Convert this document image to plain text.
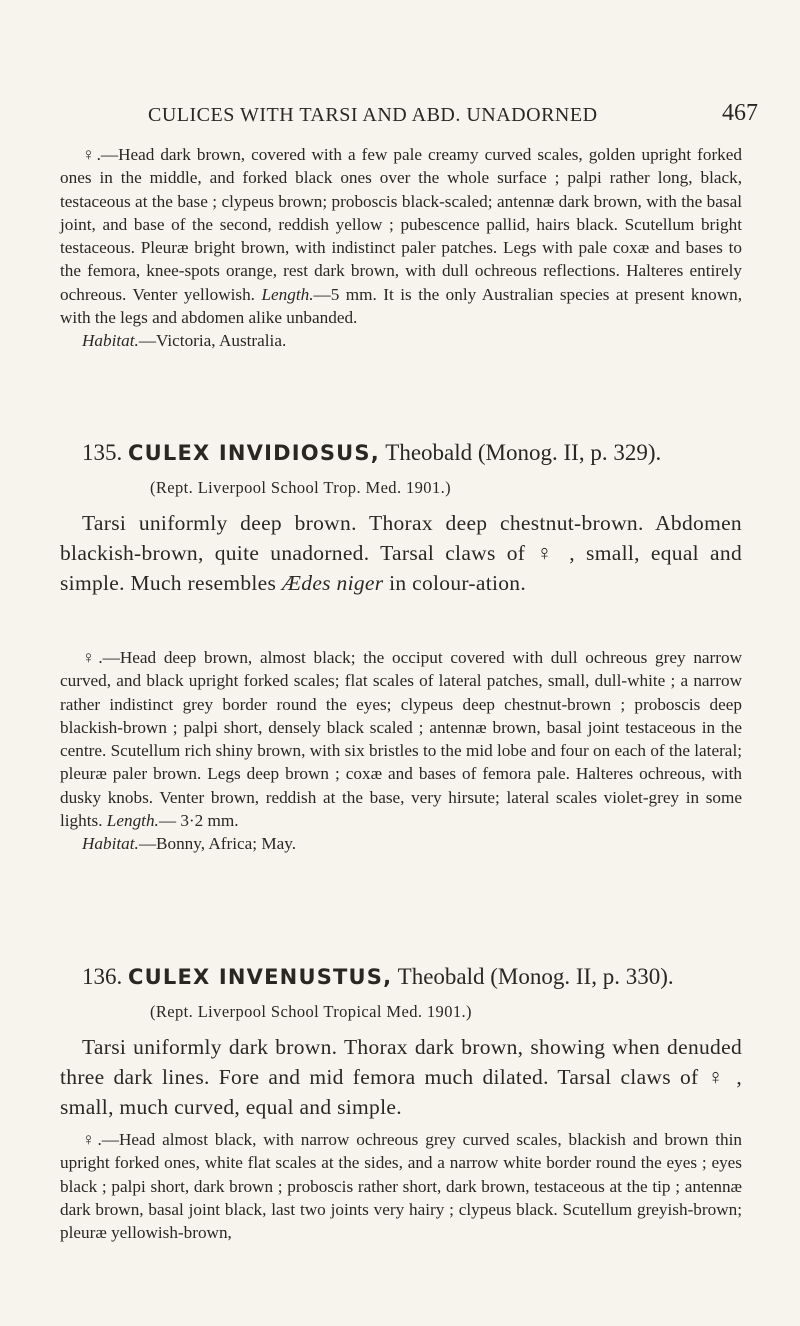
CULICES WITH TARSI AND ABD. UNADORNED	467

♀.—Head dark brown, covered with a few pale creamy curved scales, golden upright forked ones in the middle, and forked black ones over the whole surface ; palpi rather long, black, testaceous at the base ; clypeus brown; proboscis black-scaled; antennæ dark brown, with the basal joint, and base of the second, reddish yellow ; pubescence pallid, hairs black. Scutellum bright testaceous. Pleuræ bright brown, with indistinct paler patches. Legs with pale coxæ and bases to the femora, knee-spots orange, rest dark brown, with dull ochreous reflections. Halteres entirely ochreous. Venter yellowish. Length.—5 mm. It is the only Australian species at present known, with the legs and abdomen alike unbanded.

Habitat.—Victoria, Australia.

135. CULEX INVIDIOSUS, Theobald (Monog. II, p. 329).
(Rept. Liverpool School Trop. Med. 1901.)

Tarsi uniformly deep brown. Thorax deep chestnut-brown. Abdomen blackish-brown, quite unadorned. Tarsal claws of ♀ , small, equal and simple. Much resembles Ædes niger in colour-ation.

♀.—Head deep brown, almost black; the occiput covered with dull ochreous grey narrow curved, and black upright forked scales; flat scales of lateral patches, small, dull-white ; a narrow rather indistinct grey border round the eyes; clypeus deep chestnut-brown ; proboscis deep blackish-brown ; palpi short, densely black scaled ; antennæ brown, basal joint testaceous in the centre. Scutellum rich shiny brown, with six bristles to the mid lobe and four on each of the lateral; pleuræ paler brown. Legs deep brown ; coxæ and bases of femora pale. Halteres ochreous, with dusky knobs. Venter brown, reddish at the base, very hirsute; lateral scales violet-grey in some lights. Length.— 3·2 mm.

Habitat.—Bonny, Africa; May.

136. CULEX INVENUSTUS, Theobald (Monog. II, p. 330).
(Rept. Liverpool School Tropical Med. 1901.)

Tarsi uniformly dark brown. Thorax dark brown, showing when denuded three dark lines. Fore and mid femora much dilated. Tarsal claws of ♀ , small, much curved, equal and simple.

♀.—Head almost black, with narrow ochreous grey curved scales, blackish and brown thin upright forked ones, white flat scales at the sides, and a narrow white border round the eyes ; eyes black ; palpi short, dark brown ; proboscis rather short, dark brown, testaceous at the tip ; antennæ dark brown, basal joint black, last two joints very hairy ; clypeus black. Scutellum greyish-brown; pleuræ yellowish-brown,
